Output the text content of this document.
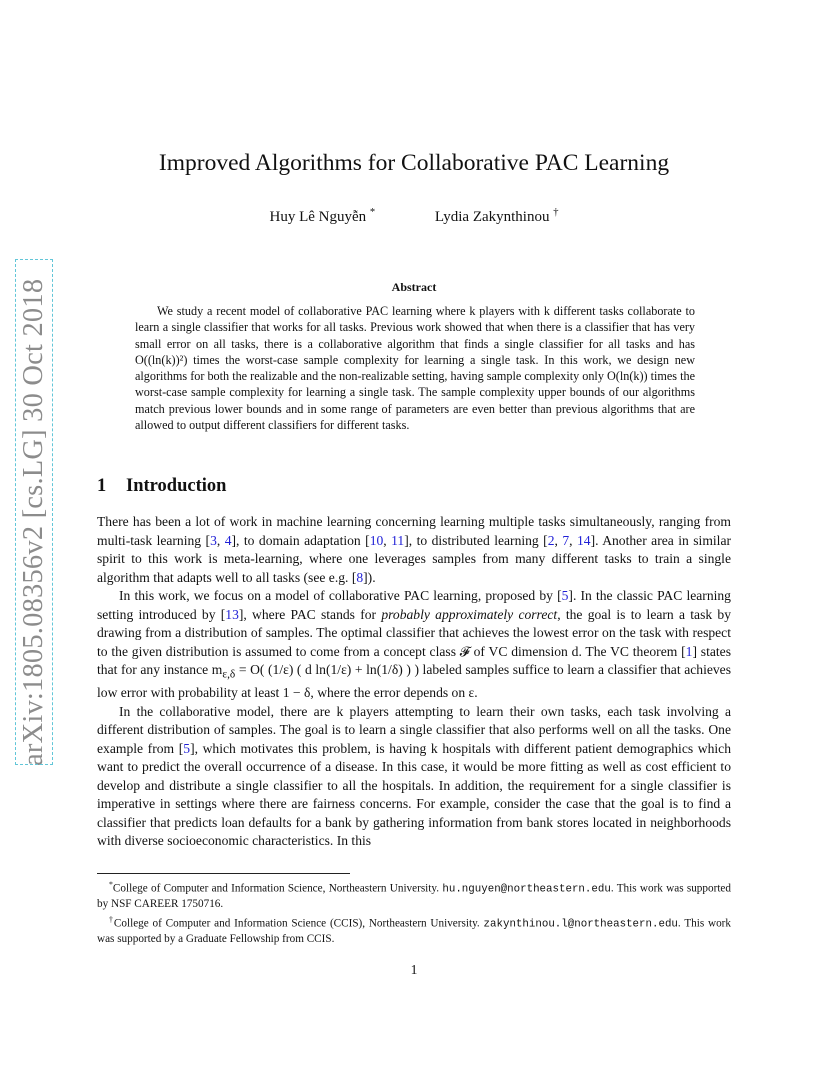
arXiv:1805.08356v2 [cs.LG] 30 Oct 2018
Improved Algorithms for Collaborative PAC Learning
Huy Lê Nguyễn *	Lydia Zakynthinou †
Abstract

We study a recent model of collaborative PAC learning where k players with k different tasks collaborate to learn a single classifier that works for all tasks. Previous work showed that when there is a classifier that has very small error on all tasks, there is a collaborative algorithm that finds a single classifier for all tasks and has O((ln(k))²) times the worst-case sample complexity for learning a single task. In this work, we design new algorithms for both the realizable and the non-realizable setting, having sample complexity only O(ln(k)) times the worst-case sample complexity for learning a single task. The sample complexity upper bounds of our algorithms match previous lower bounds and in some range of parameters are even better than previous algorithms that are allowed to output different classifiers for different tasks.

1 Introduction

There has been a lot of work in machine learning concerning learning multiple tasks simultaneously, ranging from multi-task learning [3, 4], to domain adaptation [10, 11], to distributed learning [2, 7, 14]. Another area in similar spirit to this work is meta-learning, where one leverages samples from many different tasks to train a single algorithm that adapts well to all tasks (see e.g. [8]).

In this work, we focus on a model of collaborative PAC learning, proposed by [5]. In the classic PAC learning setting introduced by [13], where PAC stands for probably approximately correct, the goal is to learn a task by drawing from a distribution of samples. The optimal classifier that achieves the lowest error on the task with respect to the given distribution is assumed to come from a concept class 𝓕 of VC dimension d. The VC theorem [1] states that for any instance $m_{\varepsilon,\delta} = O$( (1/ε) ( d ln(1/ε) + ln(1/δ) ) ) labeled samples suffice to learn a classifier that achieves low error with probability at least 1 − δ, where the error depends on ε.

In the collaborative model, there are k players attempting to learn their own tasks, each task involving a different distribution of samples. The goal is to learn a single classifier that also performs well on all the tasks. One example from [5], which motivates this problem, is having k hospitals with different patient demographics which want to predict the overall occurrence of a disease. In this case, it would be more fitting as well as cost efficient to develop and distribute a single classifier to all the hospitals. In addition, the requirement for a single classifier is imperative in settings where there are fairness concerns. For example, consider the case that the goal is to find a classifier that predicts loan defaults for a bank by gathering information from bank stores located in neighborhoods with diverse socioeconomic characteristics. In this

*College of Computer and Information Science, Northeastern University. hu.nguyen@northeastern.edu. This work was supported by NSF CAREER 1750716.

†College of Computer and Information Science (CCIS), Northeastern University. zakynthinou.l@northeastern.edu. This work was supported by a Graduate Fellowship from CCIS.

1
